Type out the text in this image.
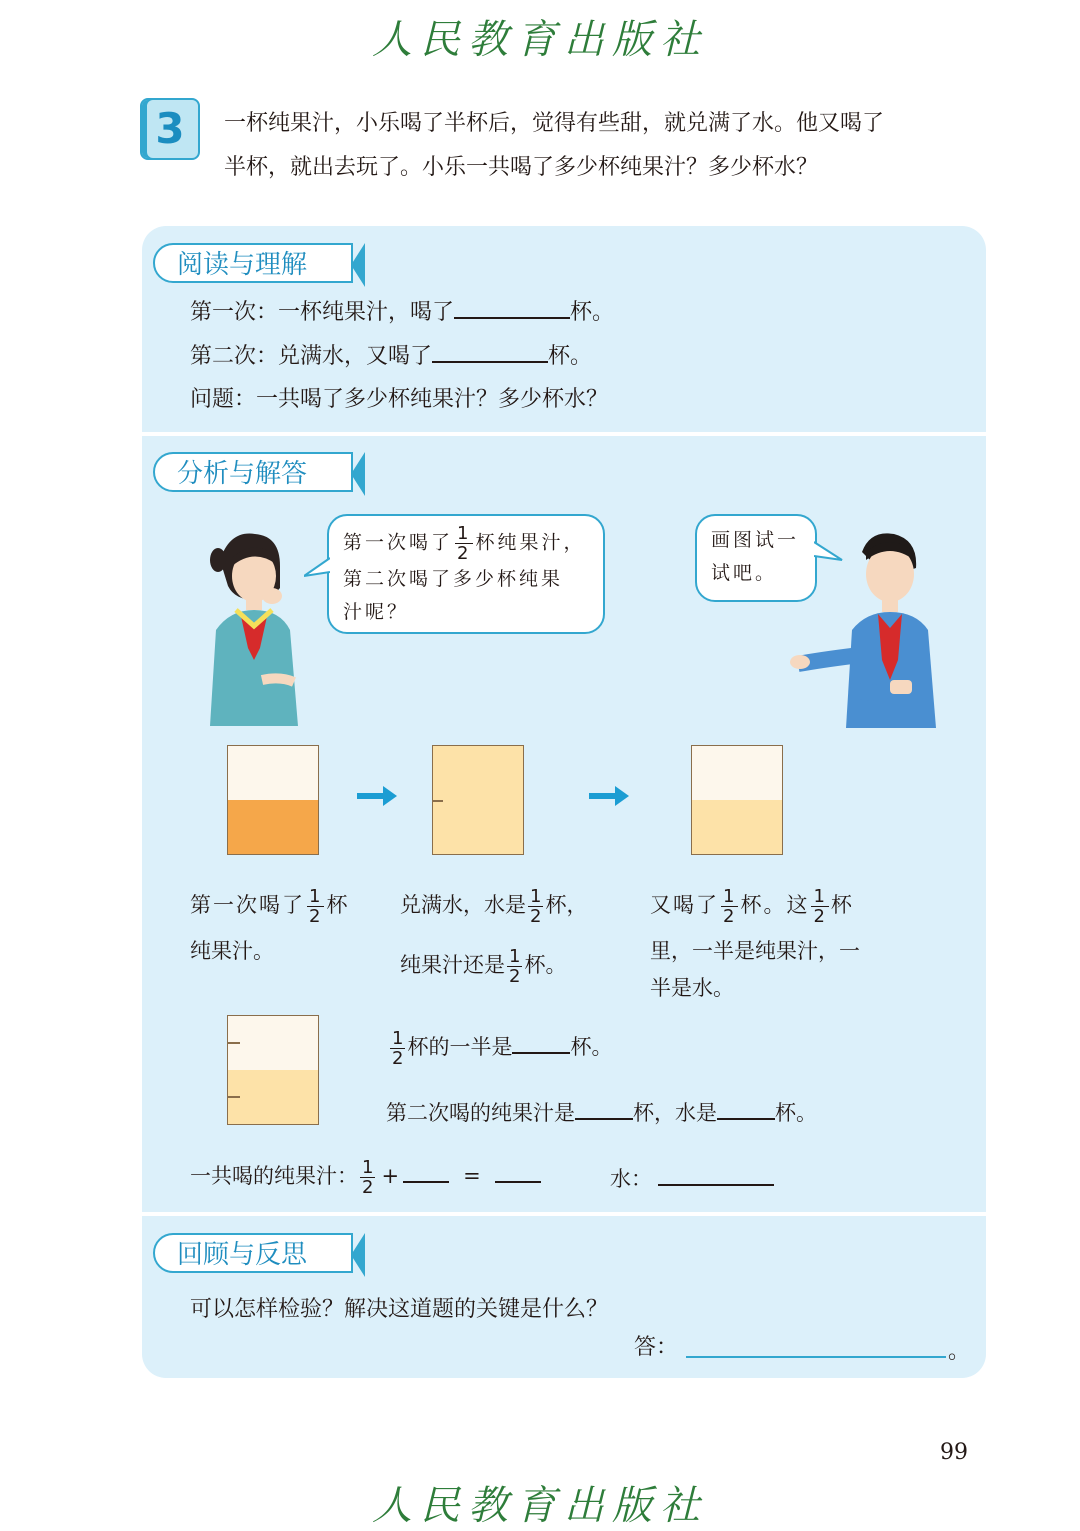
人民教育出版社
3	一杯纯果汁，小乐喝了半杯后，觉得有些甜，就兑满了水。他又喝了
半杯，就出去玩了。小乐一共喝了多少杯纯果汁？多少杯水？
阅读与理解
第一次：一杯纯果汁，喝了	杯。
第二次：兑满水，又喝了	杯。
问题：一共喝了多少杯纯果汁？多少杯水？
分析与解答
第一次喝了 $\frac{1}{2}$ 杯纯果汁，
第二次喝了多少杯纯果
汁呢？
画图试一
试吧。
第一次喝了 $\frac{1}{2}$ 杯
纯果汁。
兑满水，水是 $\frac{1}{2}$ 杯，
纯果汁还是 $\frac{1}{2}$ 杯。
又喝了 $\frac{1}{2}$ 杯。这 $\frac{1}{2}$ 杯
里，一半是纯果汁，一
半是水。
$\frac{1}{2}$ 杯的一半是	杯。
第二次喝的纯果汁是	杯，水是	杯。
一共喝的纯果汁： $\frac{1}{2}$ +	=	水：
回顾与反思
可以怎样检验？解决这道题的关键是什么？
答：	。
99
人民教育出版社
